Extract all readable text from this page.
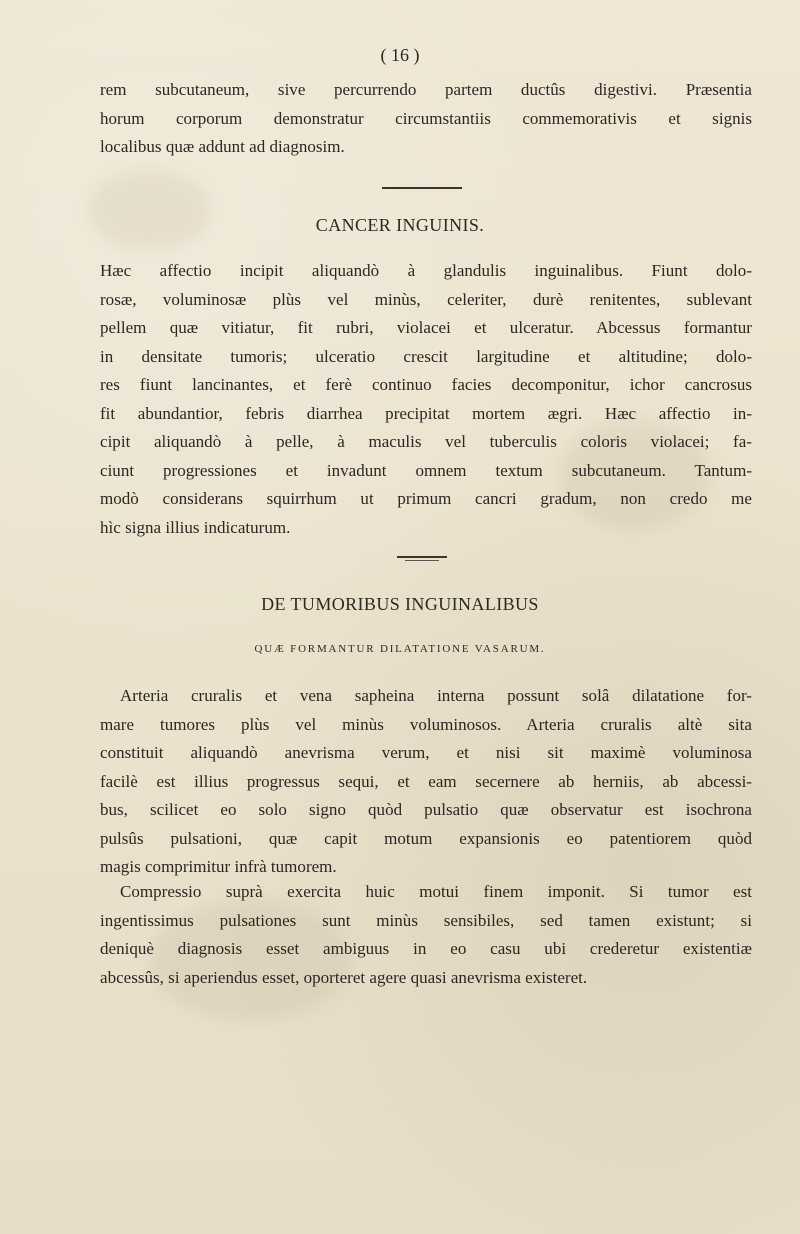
( 16 )
rem subcutaneum, sive percurrendo partem ductûs digestivi. Præsentia
horum corporum demonstratur circumstantiis commemorativis et signis
localibus quæ addunt ad diagnosim.
CANCER INGUINIS.
Hæc affectio incipit aliquandò à glandulis inguinalibus. Fiunt dolo-
rosæ, voluminosæ plùs vel minùs, celeriter, durè renitentes, sublevant
pellem quæ vitiatur, fit rubri, violacei et ulceratur. Abcessus formantur
in densitate tumoris; ulceratio crescit largitudine et altitudine; dolo-
res fiunt lancinantes, et ferè continuo facies decomponitur, ichor cancrosus
fit abundantior, febris diarrhea precipitat mortem ægri. Hæc affectio in-
cipit aliquandò à pelle, à maculis vel tuberculis coloris violacei; fa-
ciunt progressiones et invadunt omnem textum subcutaneum. Tantum-
modò considerans squirrhum ut primum cancri gradum, non credo me
hìc signa illius indicaturum.
DE TUMORIBUS INGUINALIBUS
QUÆ FORMANTUR DILATATIONE VASARUM.
Arteria cruralis et vena sapheina interna possunt solâ dilatatione for-
mare tumores plùs vel minùs voluminosos. Arteria cruralis altè sita
constituit aliquandò anevrisma verum, et nisi sit maximè voluminosa
facilè est illius progressus sequi, et eam secernere ab herniis, ab abcessi-
bus, scilicet eo solo signo quòd pulsatio quæ observatur est isochrona
pulsûs pulsationi, quæ capit motum expansionis eo patentiorem quòd
magis comprimitur infrà tumorem.
Compressio suprà exercita huic motui finem imponit. Si tumor est
ingentissimus pulsationes sunt minùs sensibiles, sed tamen existunt; si
deniquè diagnosis esset ambiguus in eo casu ubi crederetur existentiæ
abcessûs, si aperiendus esset, oporteret agere quasi anevrisma existeret.
